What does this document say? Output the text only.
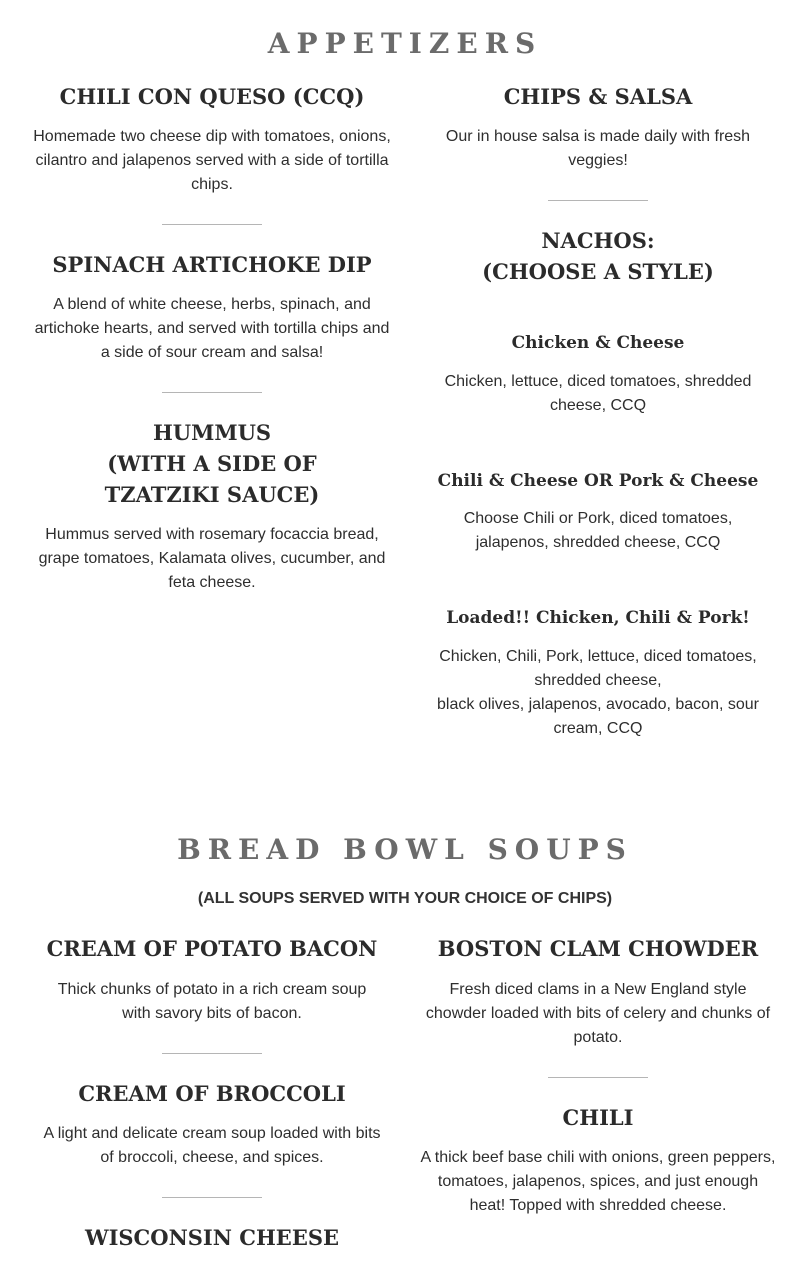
APPETIZERS
CHILI CON QUESO (CCQ)

Homemade two cheese dip with tomatoes, onions, cilantro and jalapenos served with a side of tortilla chips.

SPINACH ARTICHOKE DIP

A blend of white cheese, herbs, spinach, and artichoke hearts, and served with tortilla chips and a side of sour cream and salsa!

HUMMUS
(WITH A SIDE OF TZATZIKI SAUCE)

Hummus served with rosemary focaccia bread, grape tomatoes, Kalamata olives, cucumber, and feta cheese.

CHIPS & SALSA

Our in house salsa is made daily with fresh veggies!

NACHOS:
(CHOOSE A STYLE)
Chicken & Cheese

Chicken, lettuce, diced tomatoes, shredded cheese, CCQ

Chili & Cheese OR Pork & Cheese

Choose Chili or Pork, diced tomatoes, jalapenos, shredded cheese, CCQ

Loaded!! Chicken, Chili & Pork!

Chicken, Chili, Pork, lettuce, diced tomatoes, shredded cheese,

black olives, jalapenos, avocado, bacon, sour cream, CCQ

BREAD BOWL SOUPS

(ALL SOUPS SERVED WITH YOUR CHOICE OF CHIPS)

CREAM OF POTATO BACON

Thick chunks of potato in a rich cream soup with savory bits of bacon.

CREAM OF BROCCOLI

A light and delicate cream soup loaded with bits of broccoli, cheese, and spices.

WISCONSIN CHEESE
BOSTON CLAM CHOWDER

Fresh diced clams in a New England style chowder loaded with bits of celery and chunks of potato.

CHILI

A thick beef base chili with onions, green peppers, tomatoes, jalapenos, spices, and just enough heat! Topped with shredded cheese.
